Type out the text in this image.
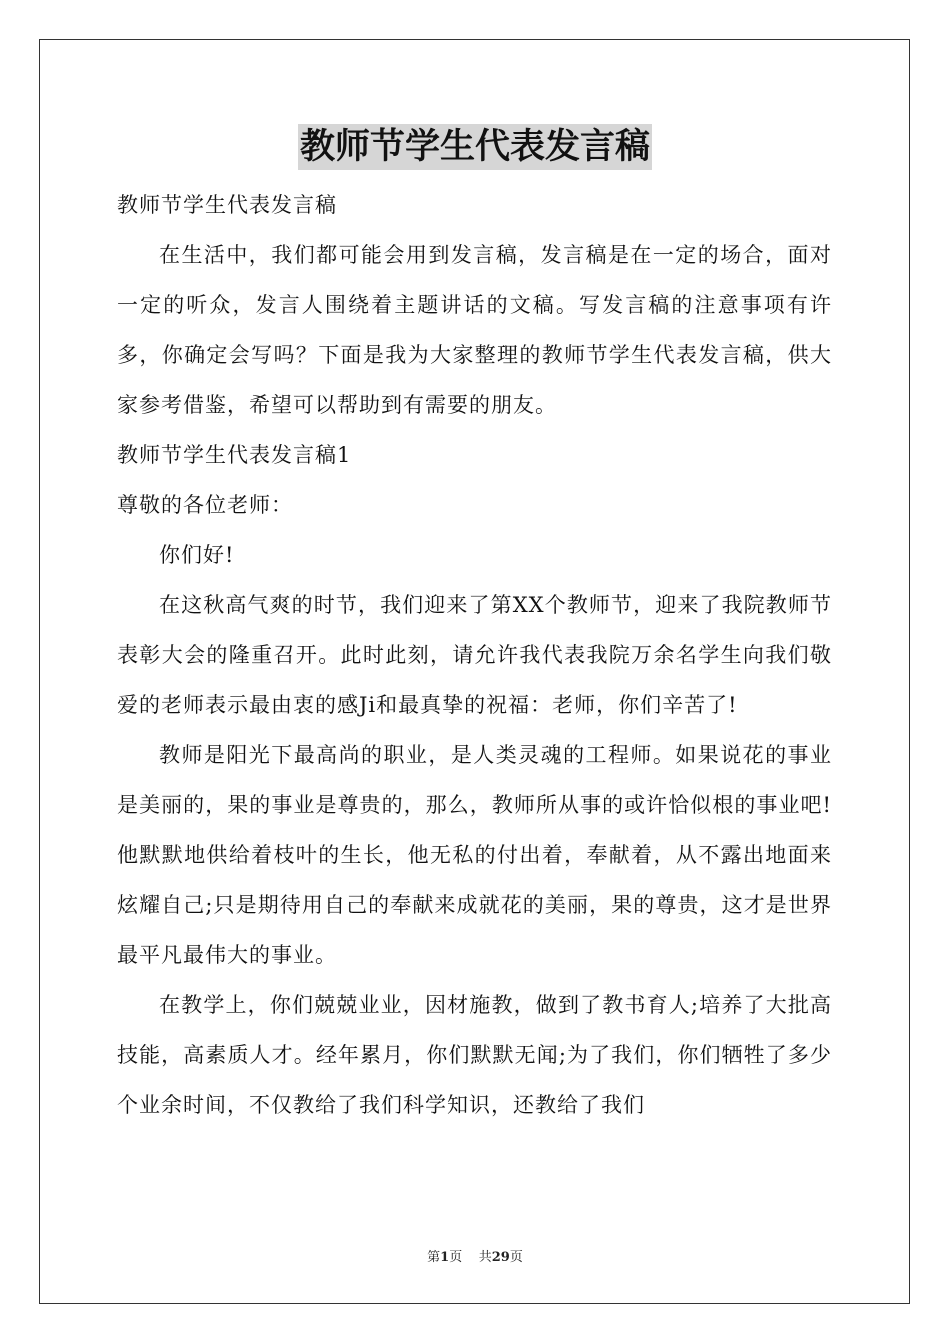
教师节学生代表发言稿

教师节学生代表发言稿

在生活中，我们都可能会用到发言稿，发言稿是在一定的场合，面对一定的听众，发言人围绕着主题讲话的文稿。写发言稿的注意事项有许多，你确定会写吗？下面是我为大家整理的教师节学生代表发言稿，供大家参考借鉴，希望可以帮助到有需要的朋友。

教师节学生代表发言稿1

尊敬的各位老师：

你们好!

在这秋高气爽的时节，我们迎来了第XX个教师节，迎来了我院教师节表彰大会的隆重召开。此时此刻，请允许我代表我院万余名学生向我们敬爱的老师表示最由衷的感Ji和最真挚的祝福：老师，你们辛苦了!

教师是阳光下最高尚的职业，是人类灵魂的工程师。如果说花的事业是美丽的，果的事业是尊贵的，那么，教师所从事的或许恰似根的事业吧!他默默地供给着枝叶的生长，他无私的付出着，奉献着，从不露出地面来炫耀自己;只是期待用自己的奉献来成就花的美丽，果的尊贵，这才是世界最平凡最伟大的事业。

在教学上，你们兢兢业业，因材施教，做到了教书育人;培养了大批高技能，高素质人才。经年累月，你们默默无闻;为了我们，你们牺牲了多少个业余时间，不仅教给了我们科学知识，还教给了我们

第1页 共29页
